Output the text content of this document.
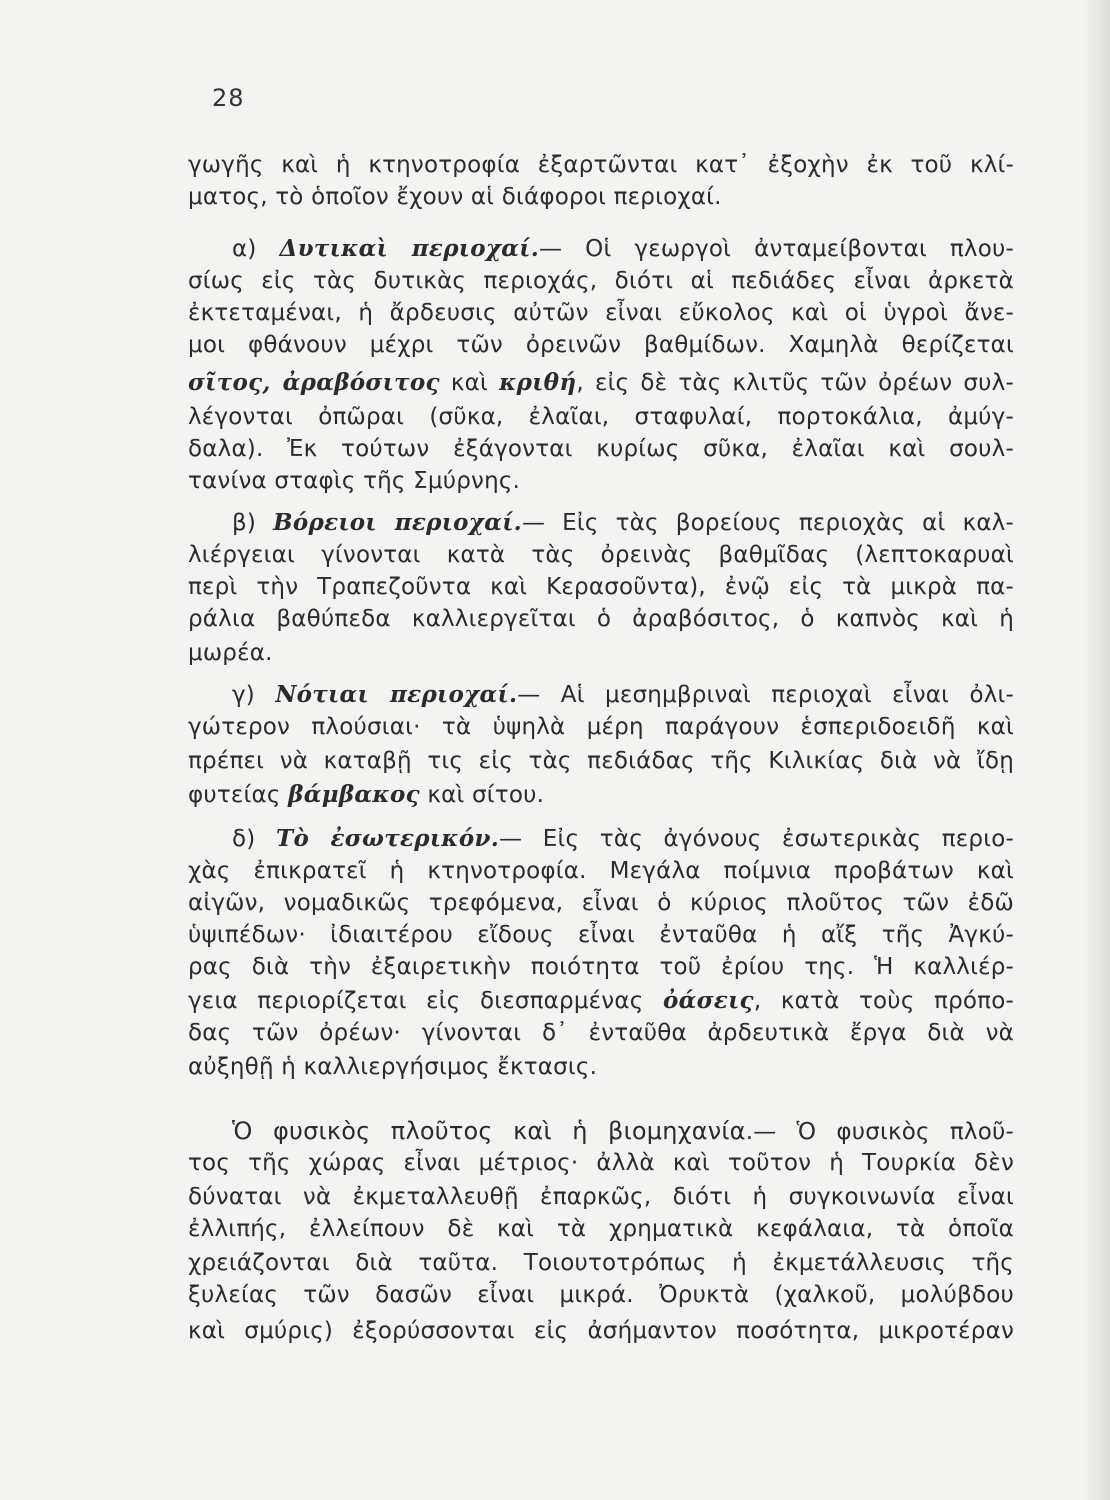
28
γωγῆς καὶ ἡ κτηνοτροφία ἐξαρτῶνται κατ᾽ ἐξοχὴν ἐκ τοῦ κλί-
ματος, τὸ ὁποῖον ἔχουν αἱ διάφοροι περιοχαί.
α) Δυτικαὶ περιοχαί.— Οἱ γεωργοὶ ἀνταμείβονται πλου-
σίως εἰς τὰς δυτικὰς περιοχάς, διότι αἱ πεδιάδες εἶναι ἀρκετὰ
ἐκτεταμέναι, ἡ ἄρδευσις αὐτῶν εἶναι εὔκολος καὶ οἱ ὑγροὶ ἄνε-
μοι φθάνουν μέχρι τῶν ὀρεινῶν βαθμίδων. Χαμηλὰ θερίζεται
σῖτος, ἀραβόσιτος καὶ κριθή, εἰς δὲ τὰς κλιτῦς τῶν ὀρέων συλ-
λέγονται ὀπῶραι (σῦκα, ἐλαῖαι, σταφυλαί, πορτοκάλια, ἀμύγ-
δαλα). Ἐκ τούτων ἐξάγονται κυρίως σῦκα, ἐλαῖαι καὶ σουλ-
τανίνα σταφὶς τῆς Σμύρνης.
β) Βόρειοι περιοχαί.— Εἰς τὰς βορείους περιοχὰς αἱ καλ-
λιέργειαι γίνονται κατὰ τὰς ὀρεινὰς βαθμῖδας (λεπτοκαρυαὶ
περὶ τὴν Τραπεζοῦντα καὶ Κερασοῦντα), ἐνῷ εἰς τὰ μικρὰ πα-
ράλια βαθύπεδα καλλιεργεῖται ὁ ἀραβόσιτος, ὁ καπνὸς καὶ ἡ
μωρέα.
γ) Νότιαι περιοχαί.— Αἱ μεσημβριναὶ περιοχαὶ εἶναι ὀλι-
γώτερον πλούσιαι· τὰ ὑψηλὰ μέρη παράγουν ἑσπεριδοειδῆ καὶ
πρέπει νὰ καταβῇ τις εἰς τὰς πεδιάδας τῆς Κιλικίας διὰ νὰ ἴδῃ
φυτείας βάμβακος καὶ σίτου.
δ) Τὸ ἐσωτερικόν.— Εἰς τὰς ἀγόνους ἐσωτερικὰς περιο-
χὰς ἐπικρατεῖ ἡ κτηνοτροφία. Μεγάλα ποίμνια προβάτων καὶ
αἰγῶν, νομαδικῶς τρεφόμενα, εἶναι ὁ κύριος πλοῦτος τῶν ἐδῶ
ὑψιπέδων· ἰδιαιτέρου εἴδους εἶναι ἐνταῦθα ἡ αἴξ τῆς Ἀγκύ-
ρας διὰ τὴν ἐξαιρετικὴν ποιότητα τοῦ ἐρίου της. Ἡ καλλιέρ-
γεια περιορίζεται εἰς διεσπαρμένας ὀάσεις, κατὰ τοὺς πρόπο-
δας τῶν ὀρέων· γίνονται δ᾽ ἐνταῦθα ἀρδευτικὰ ἔργα διὰ νὰ
αὐξηθῇ ἡ καλλιεργήσιμος ἔκτασις.
Ὁ φυσικὸς πλοῦτος καὶ ἡ βιομηχανία.— Ὁ φυσικὸς πλοῦ-
τος τῆς χώρας εἶναι μέτριος· ἀλλὰ καὶ τοῦτον ἡ Τουρκία δὲν
δύναται νὰ ἐκμεταλλευθῇ ἐπαρκῶς, διότι ἡ συγκοινωνία εἶναι
ἐλλιπής, ἐλλείπουν δὲ καὶ τὰ χρηματικὰ κεφάλαια, τὰ ὁποῖα
χρειάζονται διὰ ταῦτα. Τοιουτοτρόπως ἡ ἐκμετάλλευσις τῆς
ξυλείας τῶν δασῶν εἶναι μικρά. Ὀρυκτὰ (χαλκοῦ, μολύβδου
καὶ σμύρις) ἐξορύσσονται εἰς ἀσήμαντον ποσότητα, μικροτέραν
